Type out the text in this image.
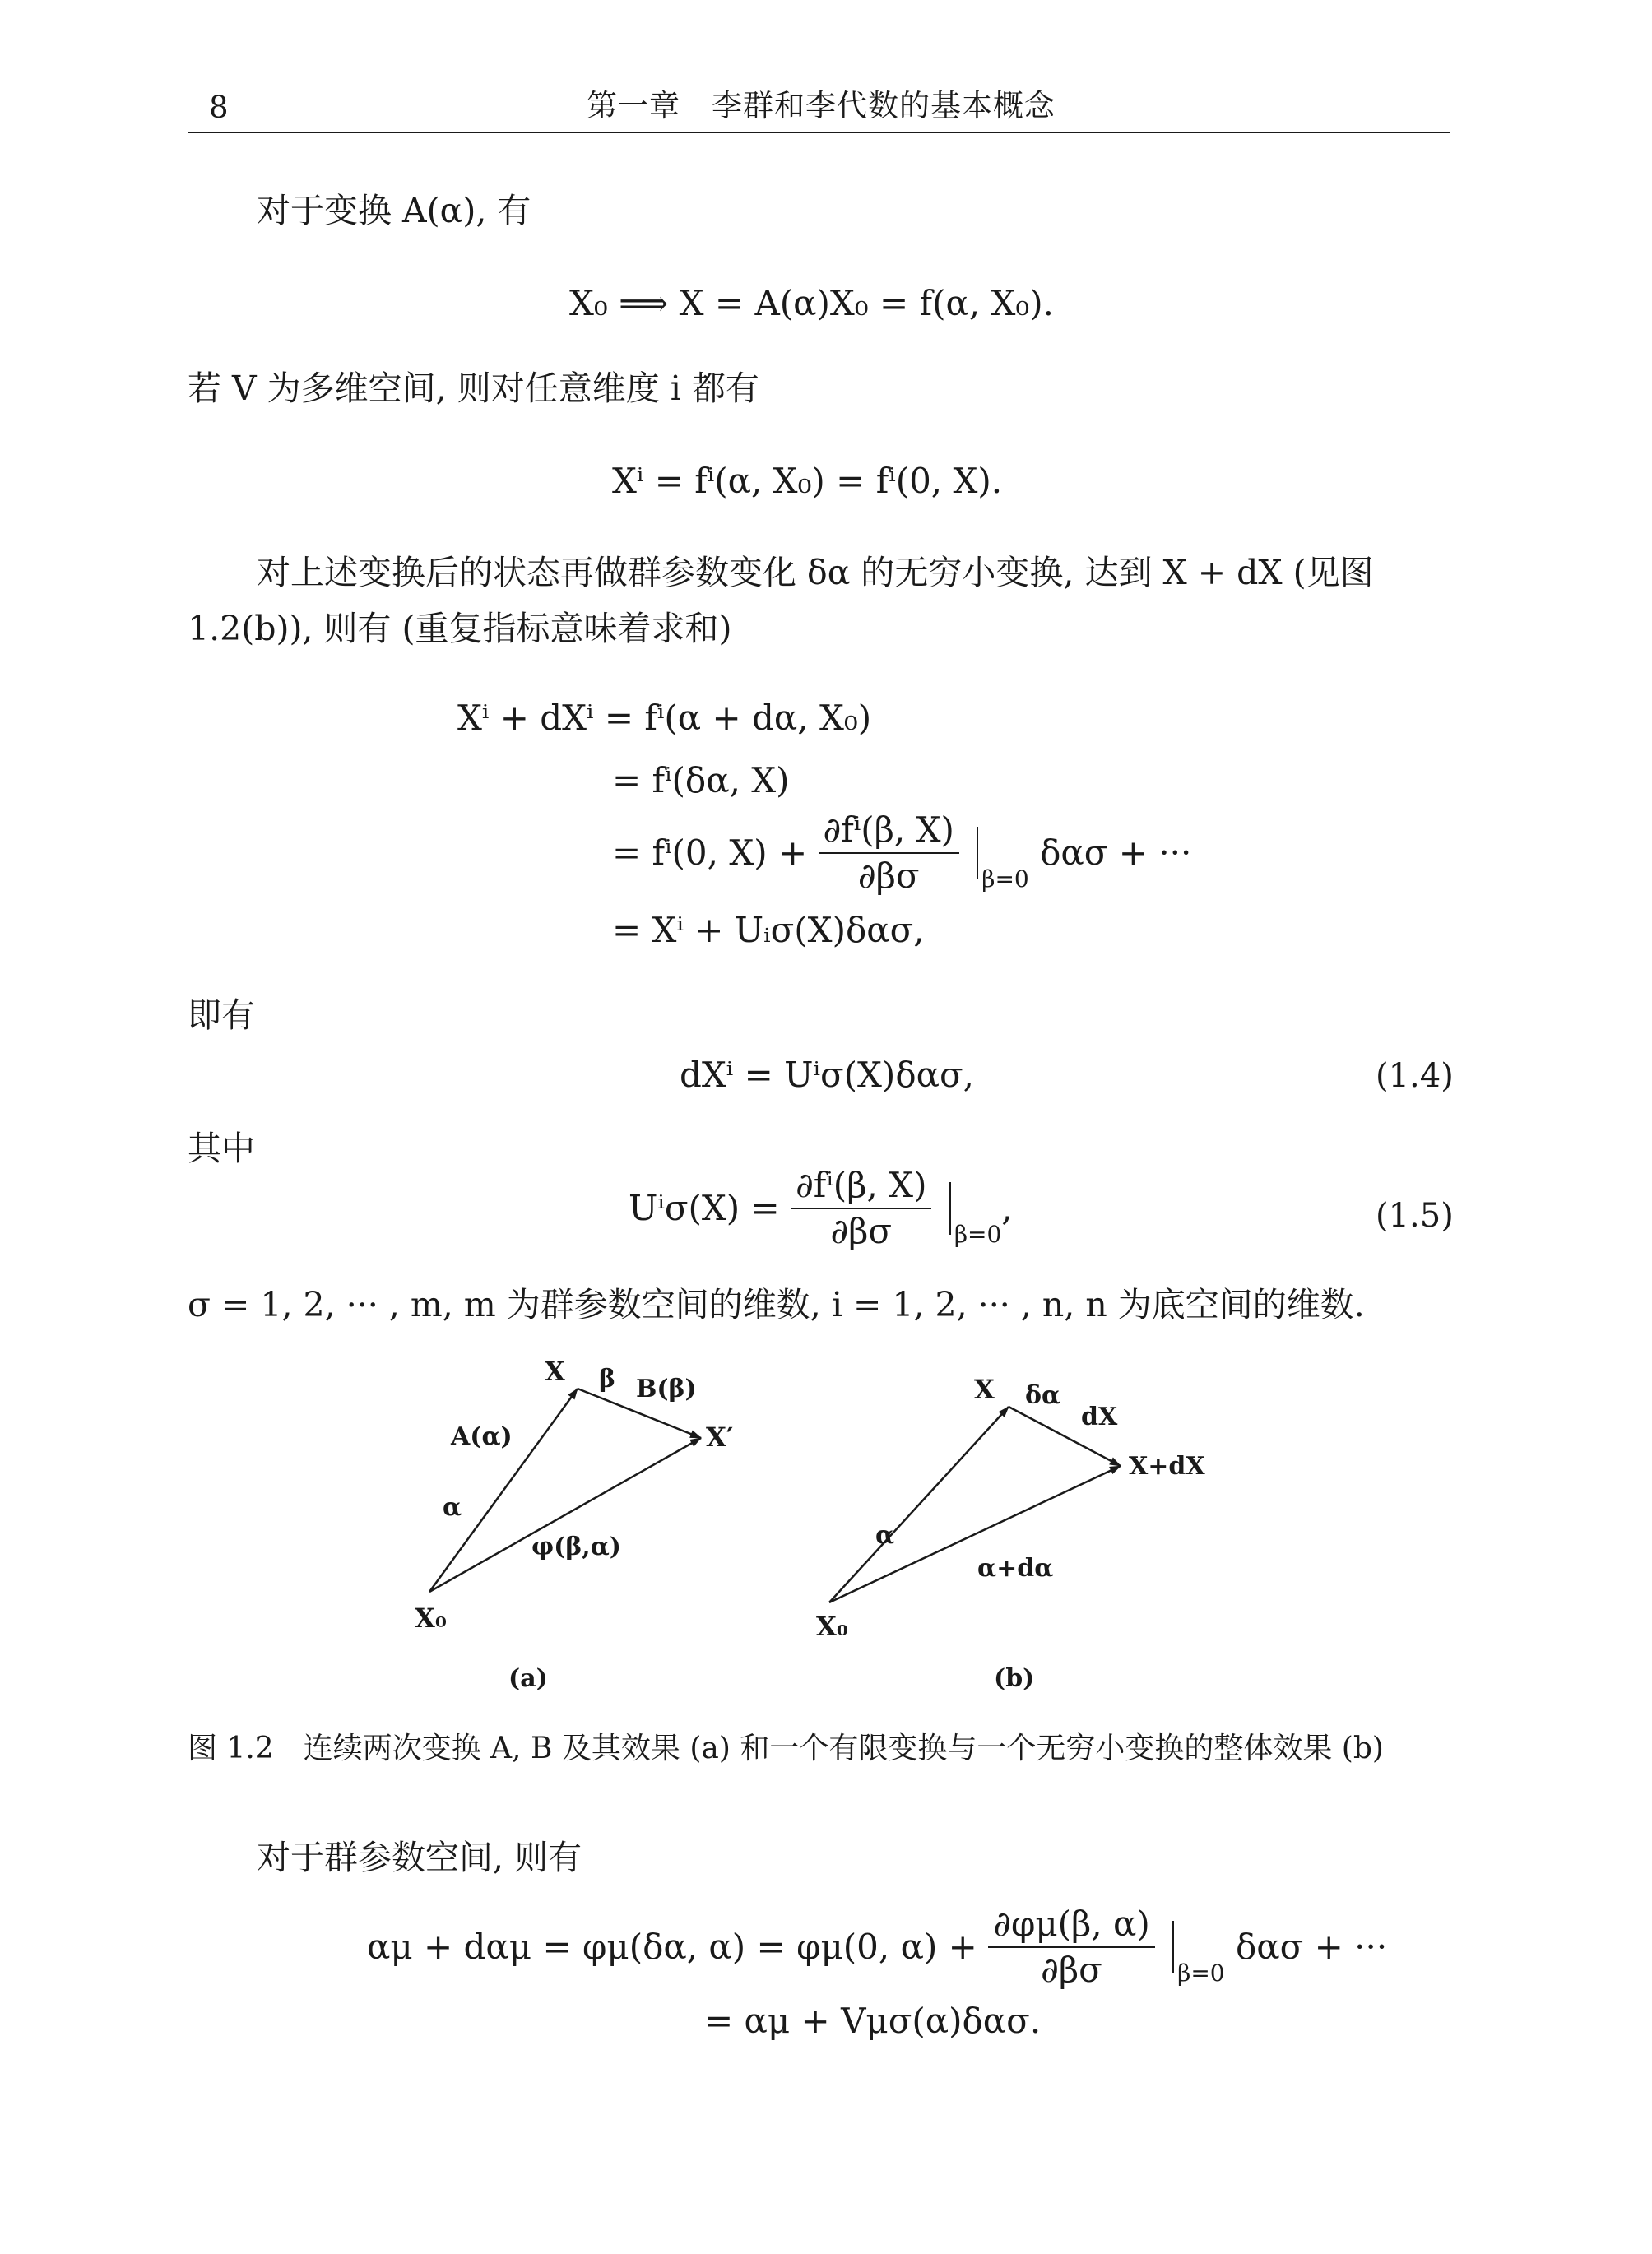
8	第一章　李群和李代数的基本概念
对于变换 A(α), 有
X₀ ⟹ X = A(α)X₀ = f(α, X₀).
若 V 为多维空间, 则对任意维度 i 都有
Xⁱ = fⁱ(α, X₀) = fⁱ(0, X).
对上述变换后的状态再做群参数变化 δα 的无穷小变换, 达到 X + dX (见图
1.2(b)), 则有 (重复指标意味着求和)
Xⁱ + dXⁱ = fⁱ(α + dα, X₀)
= fⁱ(δα, X)
= fⁱ(0, $X) + \frac{\text{∂fⁱ(β, X)}}{\partial\beta\sigma} _{\beta=0}$ δασ + ···
= Xⁱ + Uᵢσ(X)δασ,
即有
dXⁱ = Uⁱσ(X)δασ,	(1.4)
其中
$U^i\sigma(X) = \frac{\text{∂fⁱ(β, X)}}{\partial\beta\sigma} _{\beta=0}$,	(1.5)
σ = 1, 2, ··· , m, m 为群参数空间的维数, i = 1, 2, ··· , n, n 为底空间的维数.
X β B(β)
X′
A(α)
α
φ(β,α)
X₀
(a)
X δα
dX
X+dX
α
α+dα
X₀
(b)
图 1.2　连续两次变换 A, B 及其效果 (a) 和一个有限变换与一个无穷小变换的整体效果 (b)
对于群参数空间, 则有
αμ + dαμ = φμ(δα, α) = φμ(0, $\alpha) + \frac{\partial\varphi\mu(\beta, \alpha)}{\partial\beta\sigma} _{\beta=0}$ δασ + ···
= αμ + Vμσ(α)δασ.
